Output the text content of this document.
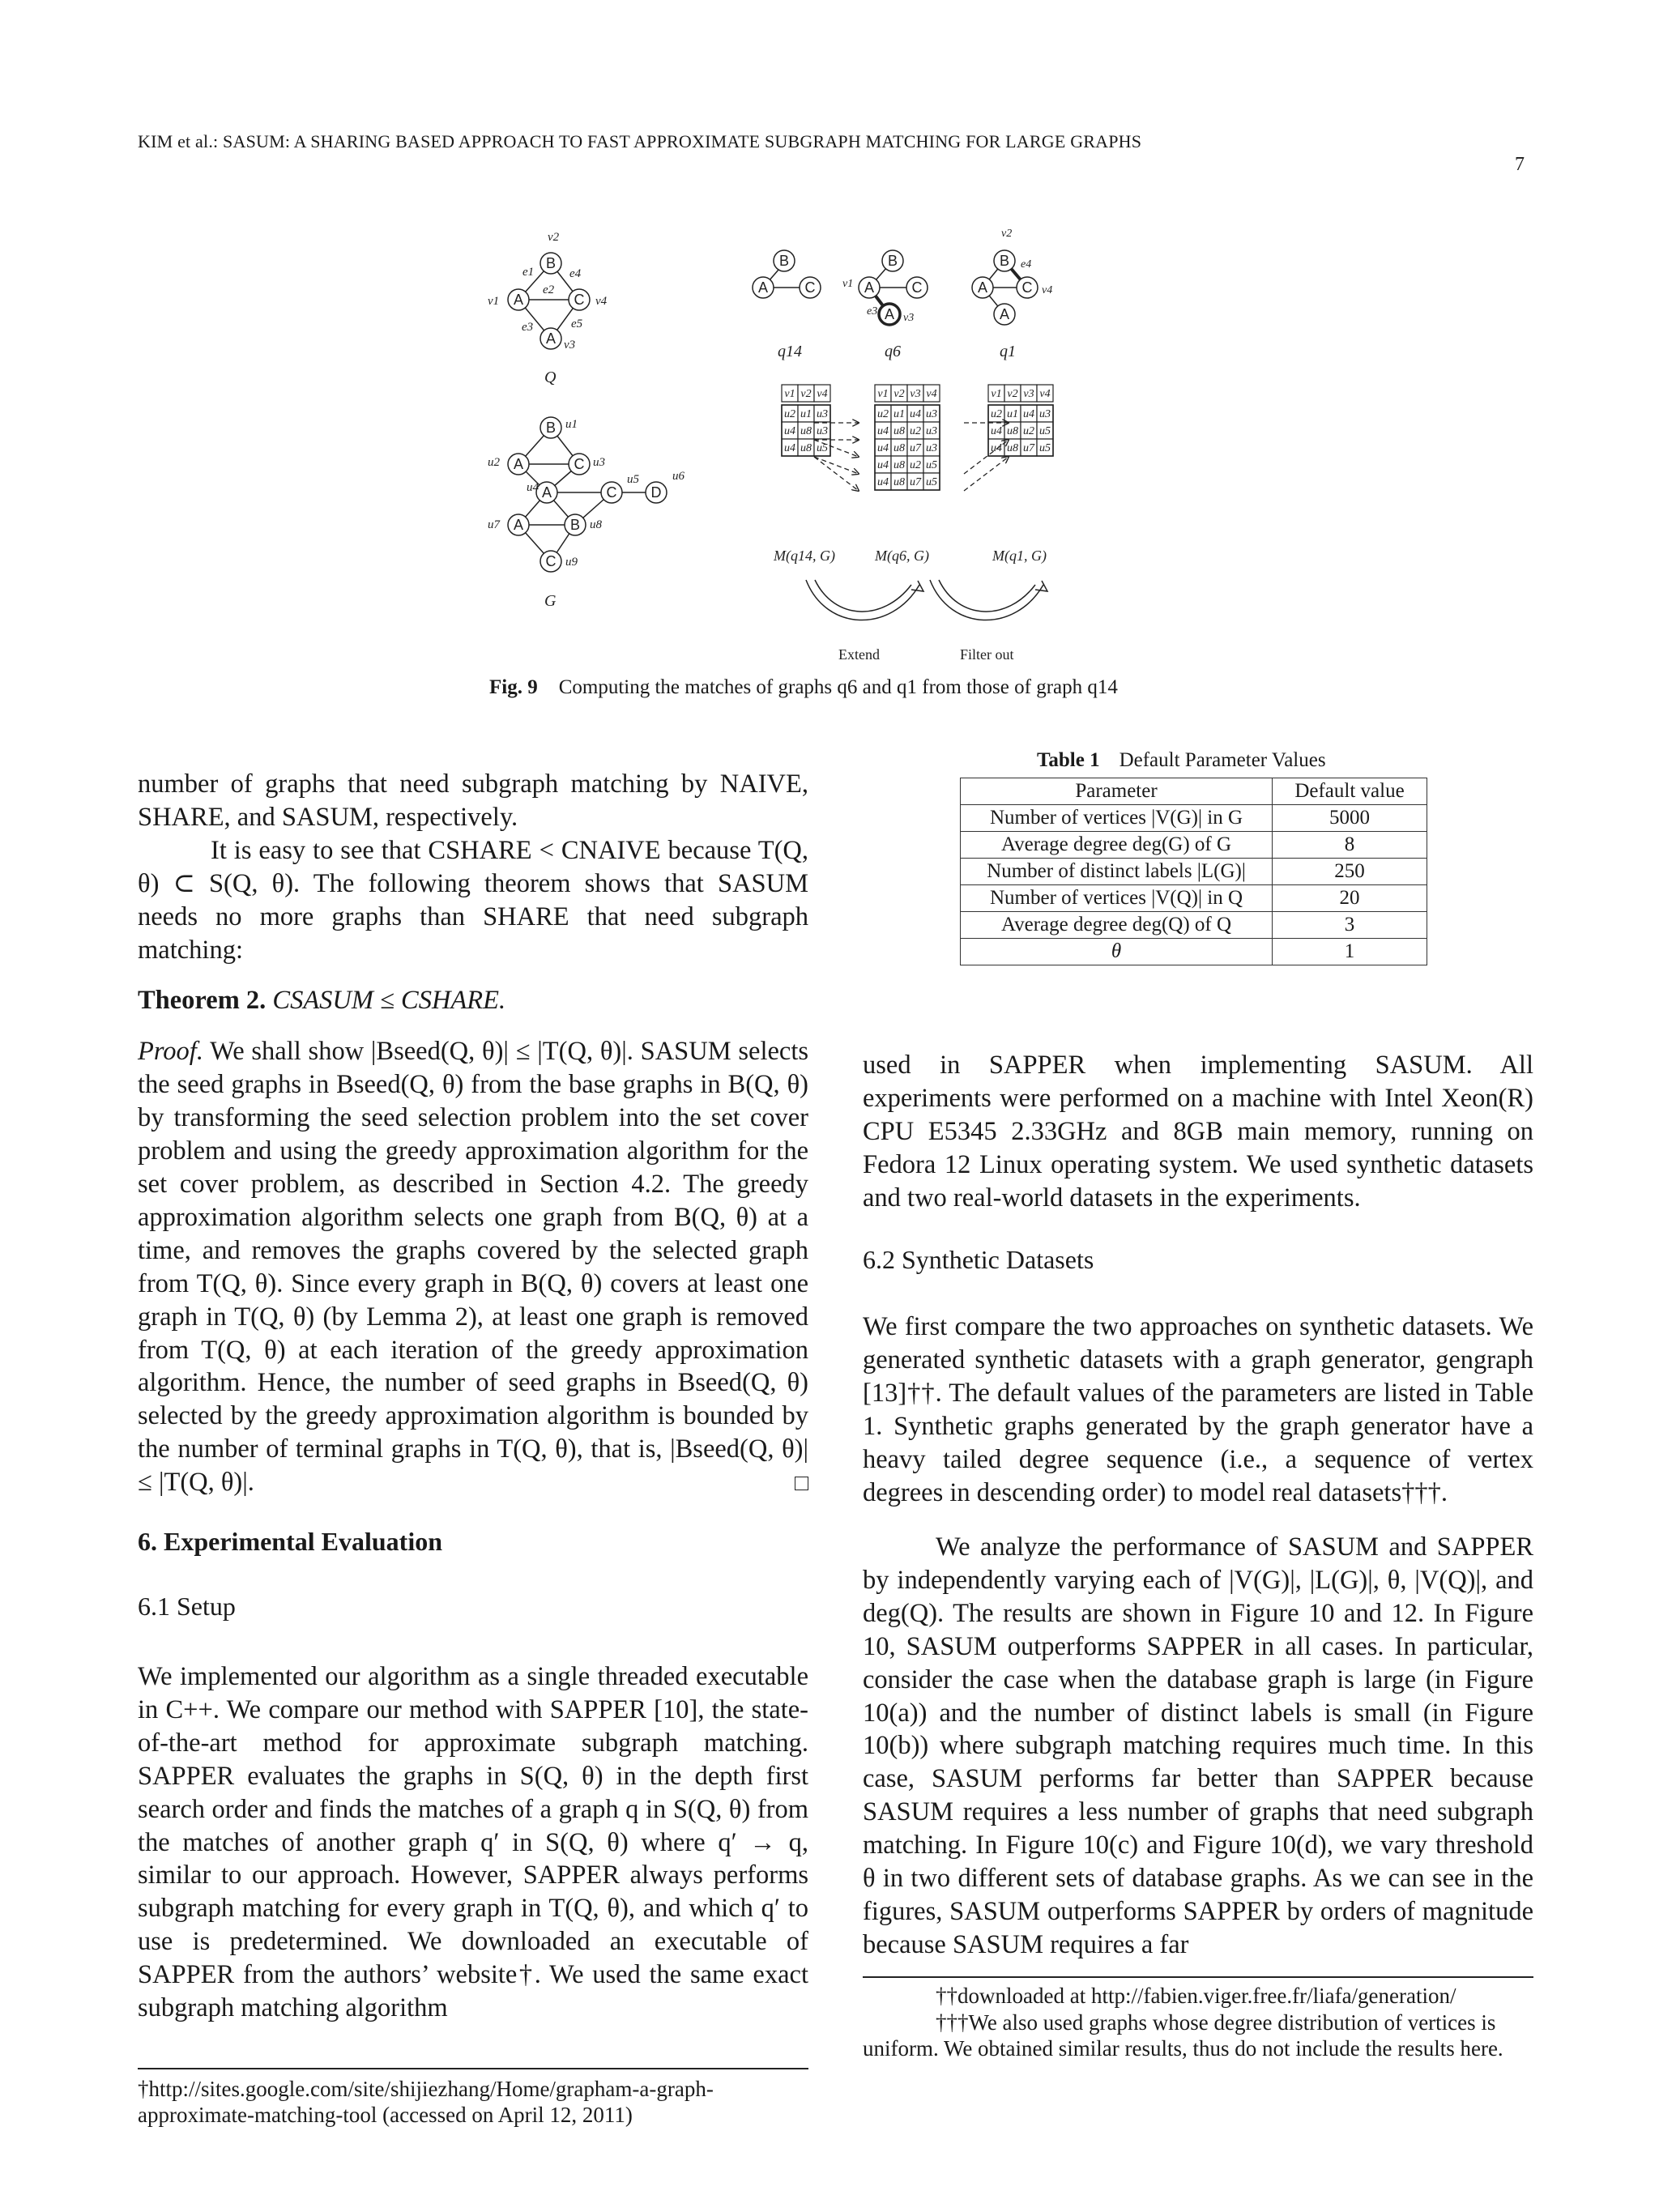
KIM et al.: SASUM: A SHARING BASED APPROACH TO FAST APPROXIMATE SUBGRAPH MATCHING FOR LARGE GRAPHS
7
B
A	C
A
v2
v1	v4
v3
e1
e2
e3
e4
e5
Q
B
A	C
A	C D
A	B
C
u1
u2	u3
u4
u5	u6
u7	u8
u9
G
B
A	C
q14
B
A	C
A
v1
e3
v3
q6
B
A C
A
v2
e4
v4
q1
v1 v2 v4
u2 u1 u3
u4 u8 u3
u4 u8 u5
v1 v2 v3 v4
u2 u1 u4 u3
u4 u8 u2 u3
u4 u8 u7 u3
u4 u8 u2 u5
u4 u8 u7 u5
v1 v2 v3 v4
u2 u1 u4 u3
u4 u8 u2 u5
u4 u8 u7 u5
M(q14, G)	M(q6, G)	M(q1, G)
Extend	Filter out
Fig. 9 Computing the matches of graphs q6 and q1 from those of graph q14
Table 1 Default Parameter Values
Parameter	Default value
Number of vertices |V(G)| in G	5000
Average degree deg(G) of G	8
Number of distinct labels |L(G)|	250
Number of vertices |V(Q)| in Q	20
Average degree deg(Q) of Q	3
θ	1

number of graphs that need subgraph matching by NAIVE, SHARE, and SASUM, respectively.

It is easy to see that CSHARE < CNAIVE because T(Q, θ) ⊂ S(Q, θ). The following theorem shows that SASUM needs no more graphs than SHARE that need subgraph matching:

Theorem 2. CSASUM ≤ CSHARE.

Proof. We shall show |Bseed(Q, θ)| ≤ |T(Q, θ)|. SASUM selects the seed graphs in Bseed(Q, θ) from the base graphs in B(Q, θ) by transforming the seed selection problem into the set cover problem and using the greedy approximation algorithm for the set cover problem, as described in Section 4.2. The greedy approximation algorithm selects one graph from B(Q, θ) at a time, and removes the graphs covered by the selected graph from T(Q, θ). Since every graph in B(Q, θ) covers at least one graph in T(Q, θ) (by Lemma 2), at least one graph is removed from T(Q, θ) at each iteration of the greedy approximation algorithm. Hence, the number of seed graphs in Bseed(Q, θ) selected by the greedy approximation algorithm is bounded by the number of terminal graphs in T(Q, θ), that is, |Bseed(Q, θ)| ≤ |T(Q, θ)|.

6. Experimental Evaluation
6.1 Setup
We implemented our algorithm as a single threaded executable in C++. We compare our method with SAPPER [10], the state-of-the-art method for approximate subgraph matching. SAPPER evaluates the graphs in S(Q, θ) in the depth first search order and finds the matches of a graph q in S(Q, θ) from the matches of another graph q′ in S(Q, θ) where q′ → q, similar to our approach. However, SAPPER always performs subgraph matching for every graph in T(Q, θ), and which q′ to use is predetermined. We downloaded an executable of SAPPER from the authors’ website†. We used the same exact subgraph matching algorithm
†http://sites.google.com/site/shijiezhang/Home/grapham-a-graph-approximate-matching-tool (accessed on April 12, 2011)
used in SAPPER when implementing SASUM. All experiments were performed on a machine with Intel Xeon(R) CPU E5345 2.33GHz and 8GB main memory, running on Fedora 12 Linux operating system. We used synthetic datasets and two real-world datasets in the experiments.
6.2 Synthetic Datasets
We first compare the two approaches on synthetic datasets. We generated synthetic datasets with a graph generator, gengraph [13]††. The default values of the parameters are listed in Table 1. Synthetic graphs generated by the graph generator have a heavy tailed degree sequence (i.e., a sequence of vertex degrees in descending order) to model real datasets†††.

We analyze the performance of SASUM and SAPPER by independently varying each of |V(G)|, |L(G)|, θ, |V(Q)|, and deg(Q). The results are shown in Figure 10 and 12. In Figure 10, SASUM outperforms SAPPER in all cases. In particular, consider the case when the database graph is large (in Figure 10(a)) and the number of distinct labels is small (in Figure 10(b)) where subgraph matching requires much time. In this case, SASUM performs far better than SAPPER because SASUM requires a less number of graphs that need subgraph matching. In Figure 10(c) and Figure 10(d), we vary threshold θ in two different sets of database graphs. As we can see in the figures, SASUM outperforms SAPPER by orders of magnitude because SASUM requires a far

††downloaded at http://fabien.viger.free.fr/liafa/generation/

†††We also used graphs whose degree distribution of vertices is uniform. We obtained similar results, thus do not include the results here.
